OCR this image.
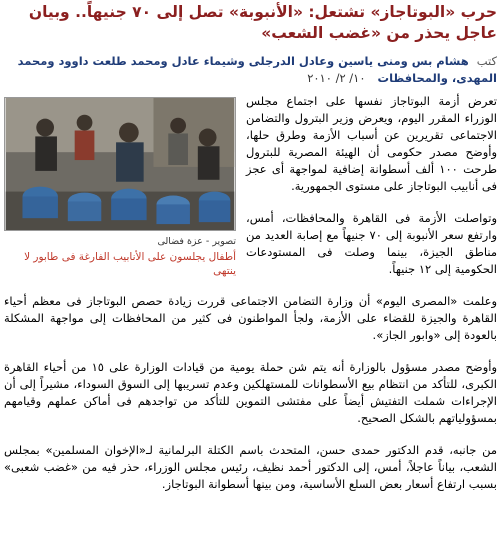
حرب «البوتاجاز» تشتعل: «الأنبوبة» تصل إلى ٧٠ جنيهاً.. وبيان عاجل يحذر من «غضب الشعب»
كتب هشام بس ومنى ياسين وعادل الدرجلى وشيماء عادل ومحمد طلعت داوود ومحمد المهدى، والمحافظات   ١٠/ ٢/ ٢٠١٠
تصوير - عزة فضالى
أطفال يجلسون على الأنابيب الفارغة فى طابور لا ينتهى

تعرض أزمة البوتاجاز نفسها على اجتماع مجلس الوزراء المقرر اليوم، ويعرض وزير البترول والتضامن الاجتماعى تقريرين عن أسباب الأزمة وطرق حلها، وأوضح مصدر حكومى أن الهيئة المصرية للبترول طرحت ١٠٠ ألف أسطوانة إضافية لمواجهة أى عجز فى أنابيب البوتاجاز على مستوى الجمهورية.

وتواصلت الأزمة فى القاهرة والمحافظات، أمس، وارتفع سعر الأنبوبة إلى ٧٠ جنيهاً مع إصابة العديد من مناطق الجيزة، بينما وصلت فى المستودعات الحكومية إلى ١٢ جنيهاً.

وعلمت «المصرى اليوم» أن وزارة التضامن الاجتماعى قررت زيادة حصص البوتاجاز فى معظم أحياء القاهرة والجيزة للقضاء على الأزمة، ولجأ المواطنون فى كثير من المحافظات إلى مواجهة المشكلة بالعودة إلى «وابور الجاز».

وأوضح مصدر مسؤول بالوزارة أنه يتم شن حملة يومية من قيادات الوزارة على ١٥ من أحياء القاهرة الكبرى، للتأكد من انتظام بيع الأسطوانات للمستهلكين وعدم تسريبها إلى السوق السوداء، مشيراً إلى أن الإجراءات شملت التفتيش أيضاً على مفتشى التموين للتأكد من تواجدهم فى أماكن عملهم وقيامهم بمسؤولياتهم بالشكل الصحيح.

من جانبه، قدم الدكتور حمدى حسن، المتحدث باسم الكتلة البرلمانية لـ«الإخوان المسلمين» بمجلس الشعب، بياناً عاجلاً، أمس، إلى الدكتور أحمد نظيف، رئيس مجلس الوزراء، حذر فيه من «غضب شعبى» بسبب ارتفاع أسعار بعض السلع الأساسية، ومن بينها أسطوانة البوتاجاز.
